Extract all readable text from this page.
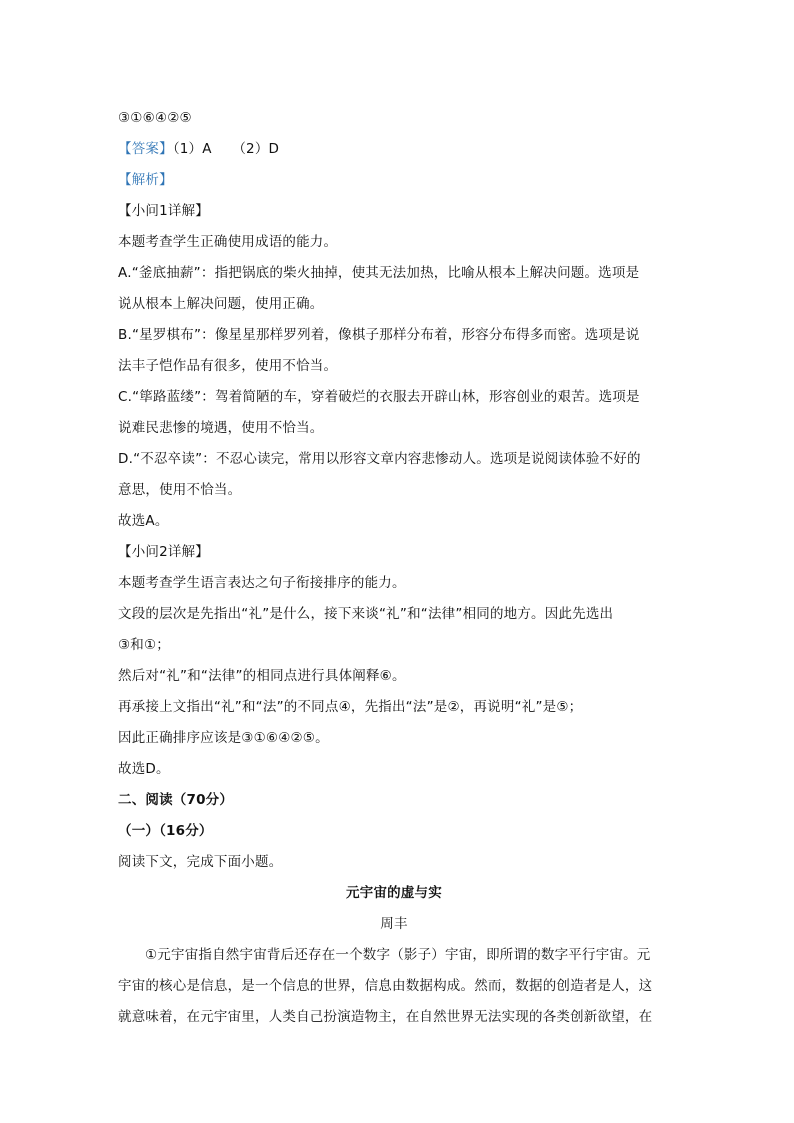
③①⑥④②⑤
【答案】（1）A　　（2）D
【解析】
【小问1详解】
本题考查学生正确使用成语的能力。
A.“釜底抽薪”：指把锅底的柴火抽掉，使其无法加热，比喻从根本上解决问题。选项是
说从根本上解决问题，使用正确。
B.“星罗棋布”：像星星那样罗列着，像棋子那样分布着，形容分布得多而密。选项是说
法丰子恺作品有很多，使用不恰当。
C.“筚路蓝缕”：驾着简陋的车，穿着破烂的衣服去开辟山林，形容创业的艰苦。选项是
说难民悲惨的境遇，使用不恰当。
D.“不忍卒读”：不忍心读完，常用以形容文章内容悲惨动人。选项是说阅读体验不好的
意思，使用不恰当。
故选A。
【小问2详解】
本题考查学生语言表达之句子衔接排序的能力。
文段的层次是先指出“礼”是什么，接下来谈“礼”和“法律”相同的地方。因此先选出
③和①；
然后对“礼”和“法律”的相同点进行具体阐释⑥。
再承接上文指出“礼”和“法”的不同点④，先指出“法”是②，再说明“礼”是⑤；
因此正确排序应该是③①⑥④②⑤。
故选D。
二、阅读（70分）
（一）（16分）
阅读下文，完成下面小题。
元宇宙的虚与实
周丰
①元宇宙指自然宇宙背后还存在一个数字（影子）宇宙，即所谓的数字平行宇宙。元
宇宙的核心是信息，是一个信息的世界，信息由数据构成。然而，数据的创造者是人，这
就意味着，在元宇宙里，人类自己扮演造物主，在自然世界无法实现的各类创新欲望，在
